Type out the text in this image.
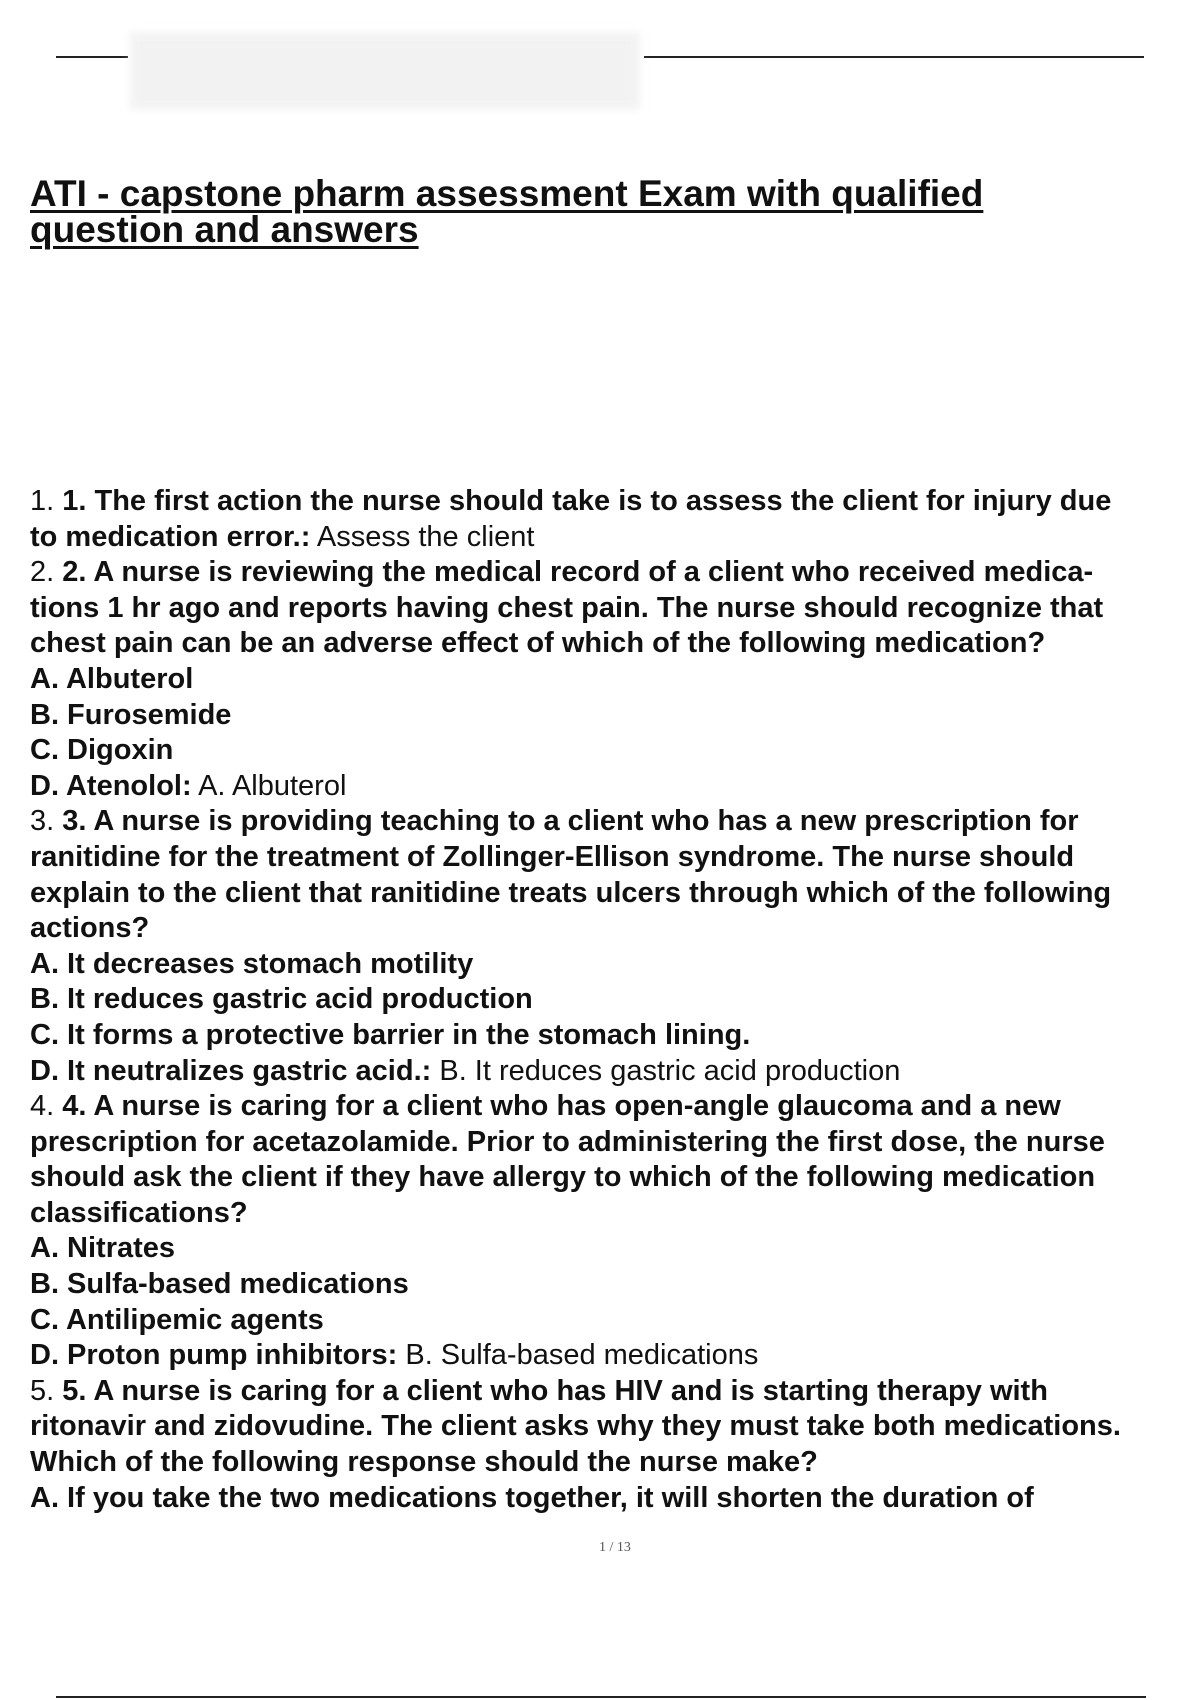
ATI - capstone pharm assessment Exam with qualified
question and answers
1. 1. The first action the nurse should take is to assess the client for injury due
to medication error.: Assess the client
2. 2. A nurse is reviewing the medical record of a client who received medica-
tions 1 hr ago and reports having chest pain. The nurse should recognize that
chest pain can be an adverse effect of which of the following medication?
A. Albuterol
B. Furosemide
C. Digoxin
D. Atenolol: A. Albuterol
3. 3. A nurse is providing teaching to a client who has a new prescription for
ranitidine for the treatment of Zollinger-Ellison syndrome. The nurse should
explain to the client that ranitidine treats ulcers through which of the following
actions?
A. It decreases stomach motility
B. It reduces gastric acid production
C. It forms a protective barrier in the stomach lining.
D. It neutralizes gastric acid.: B. It reduces gastric acid production
4. 4. A nurse is caring for a client who has open-angle glaucoma and a new
prescription for acetazolamide. Prior to administering the first dose, the nurse
should ask the client if they have allergy to which of the following medication
classifications?
A. Nitrates
B. Sulfa-based medications
C. Antilipemic agents
D. Proton pump inhibitors: B. Sulfa-based medications
5. 5. A nurse is caring for a client who has HIV and is starting therapy with
ritonavir and zidovudine. The client asks why they must take both medications.
Which of the following response should the nurse make?
A. If you take the two medications together, it will shorten the duration of
1 / 13
